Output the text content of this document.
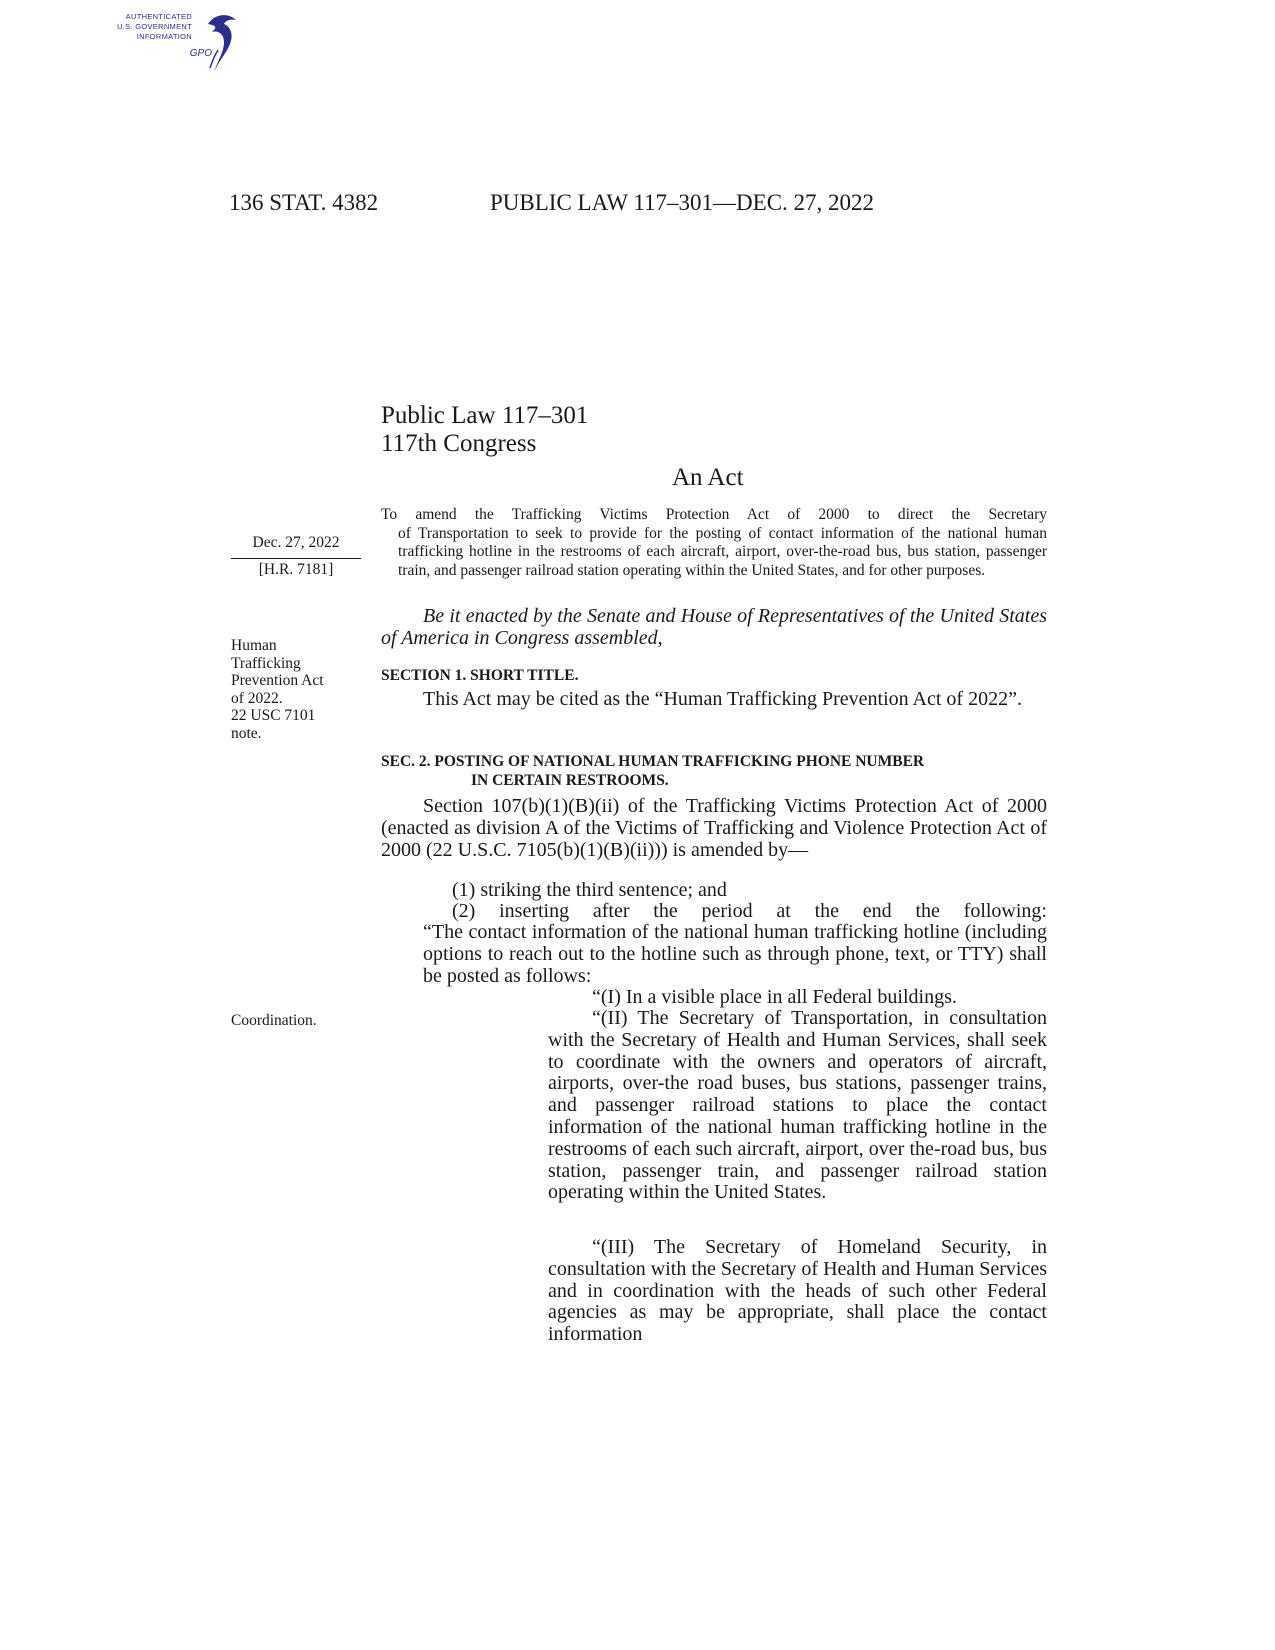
AUTHENTICATED
U.S. GOVERNMENT
INFORMATION
GPO
136 STAT. 4382	PUBLIC LAW 117–301—DEC. 27, 2022
Public Law 117–301
117th Congress
An Act
To amend the Trafficking Victims Protection Act of 2000 to direct the Secretary
of Transportation to seek to provide for the posting of contact information of the national human trafficking hotline in the restrooms of each aircraft, airport, over-the-road bus, bus station, passenger train, and passenger railroad station operating within the United States, and for other purposes.
Dec. 27, 2022
[H.R. 7181]
Human
Trafficking
Prevention Act
of 2022.
22 USC 7101
note.
Coordination.
Be it enacted by the Senate and House of Representatives of the United States of America in Congress assembled,
SECTION 1. SHORT TITLE.
This Act may be cited as the “Human Trafficking Prevention Act of 2022”.
SEC. 2. POSTING OF NATIONAL HUMAN TRAFFICKING PHONE NUMBER
IN CERTAIN RESTROOMS.
Section 107(b)(1)(B)(ii) of the Trafficking Victims Protection Act of 2000 (enacted as division A of the Victims of Trafficking and Violence Protection Act of 2000 (22 U.S.C. 7105(b)(1)(B)(ii))) is amended by—
(1) striking the third sentence; and
(2) inserting after the period at the end the following:
“The contact information of the national human trafficking hotline (including options to reach out to the hotline such as through phone, text, or TTY) shall be posted as follows:
“(I) In a visible place in all Federal buildings.
“(II) The Secretary of Transportation, in consultation with the Secretary of Health and Human Services, shall seek to coordinate with the owners and operators of aircraft, airports, over-the road buses, bus stations, passenger trains, and passenger railroad stations to place the contact information of the national human trafficking hotline in the restrooms of each such aircraft, airport, over the-road bus, bus station, passenger train, and passenger railroad station operating within the United States.
“(III) The Secretary of Homeland Security, in consultation with the Secretary of Health and Human Services and in coordination with the heads of such other Federal agencies as may be appropriate, shall place the contact information
